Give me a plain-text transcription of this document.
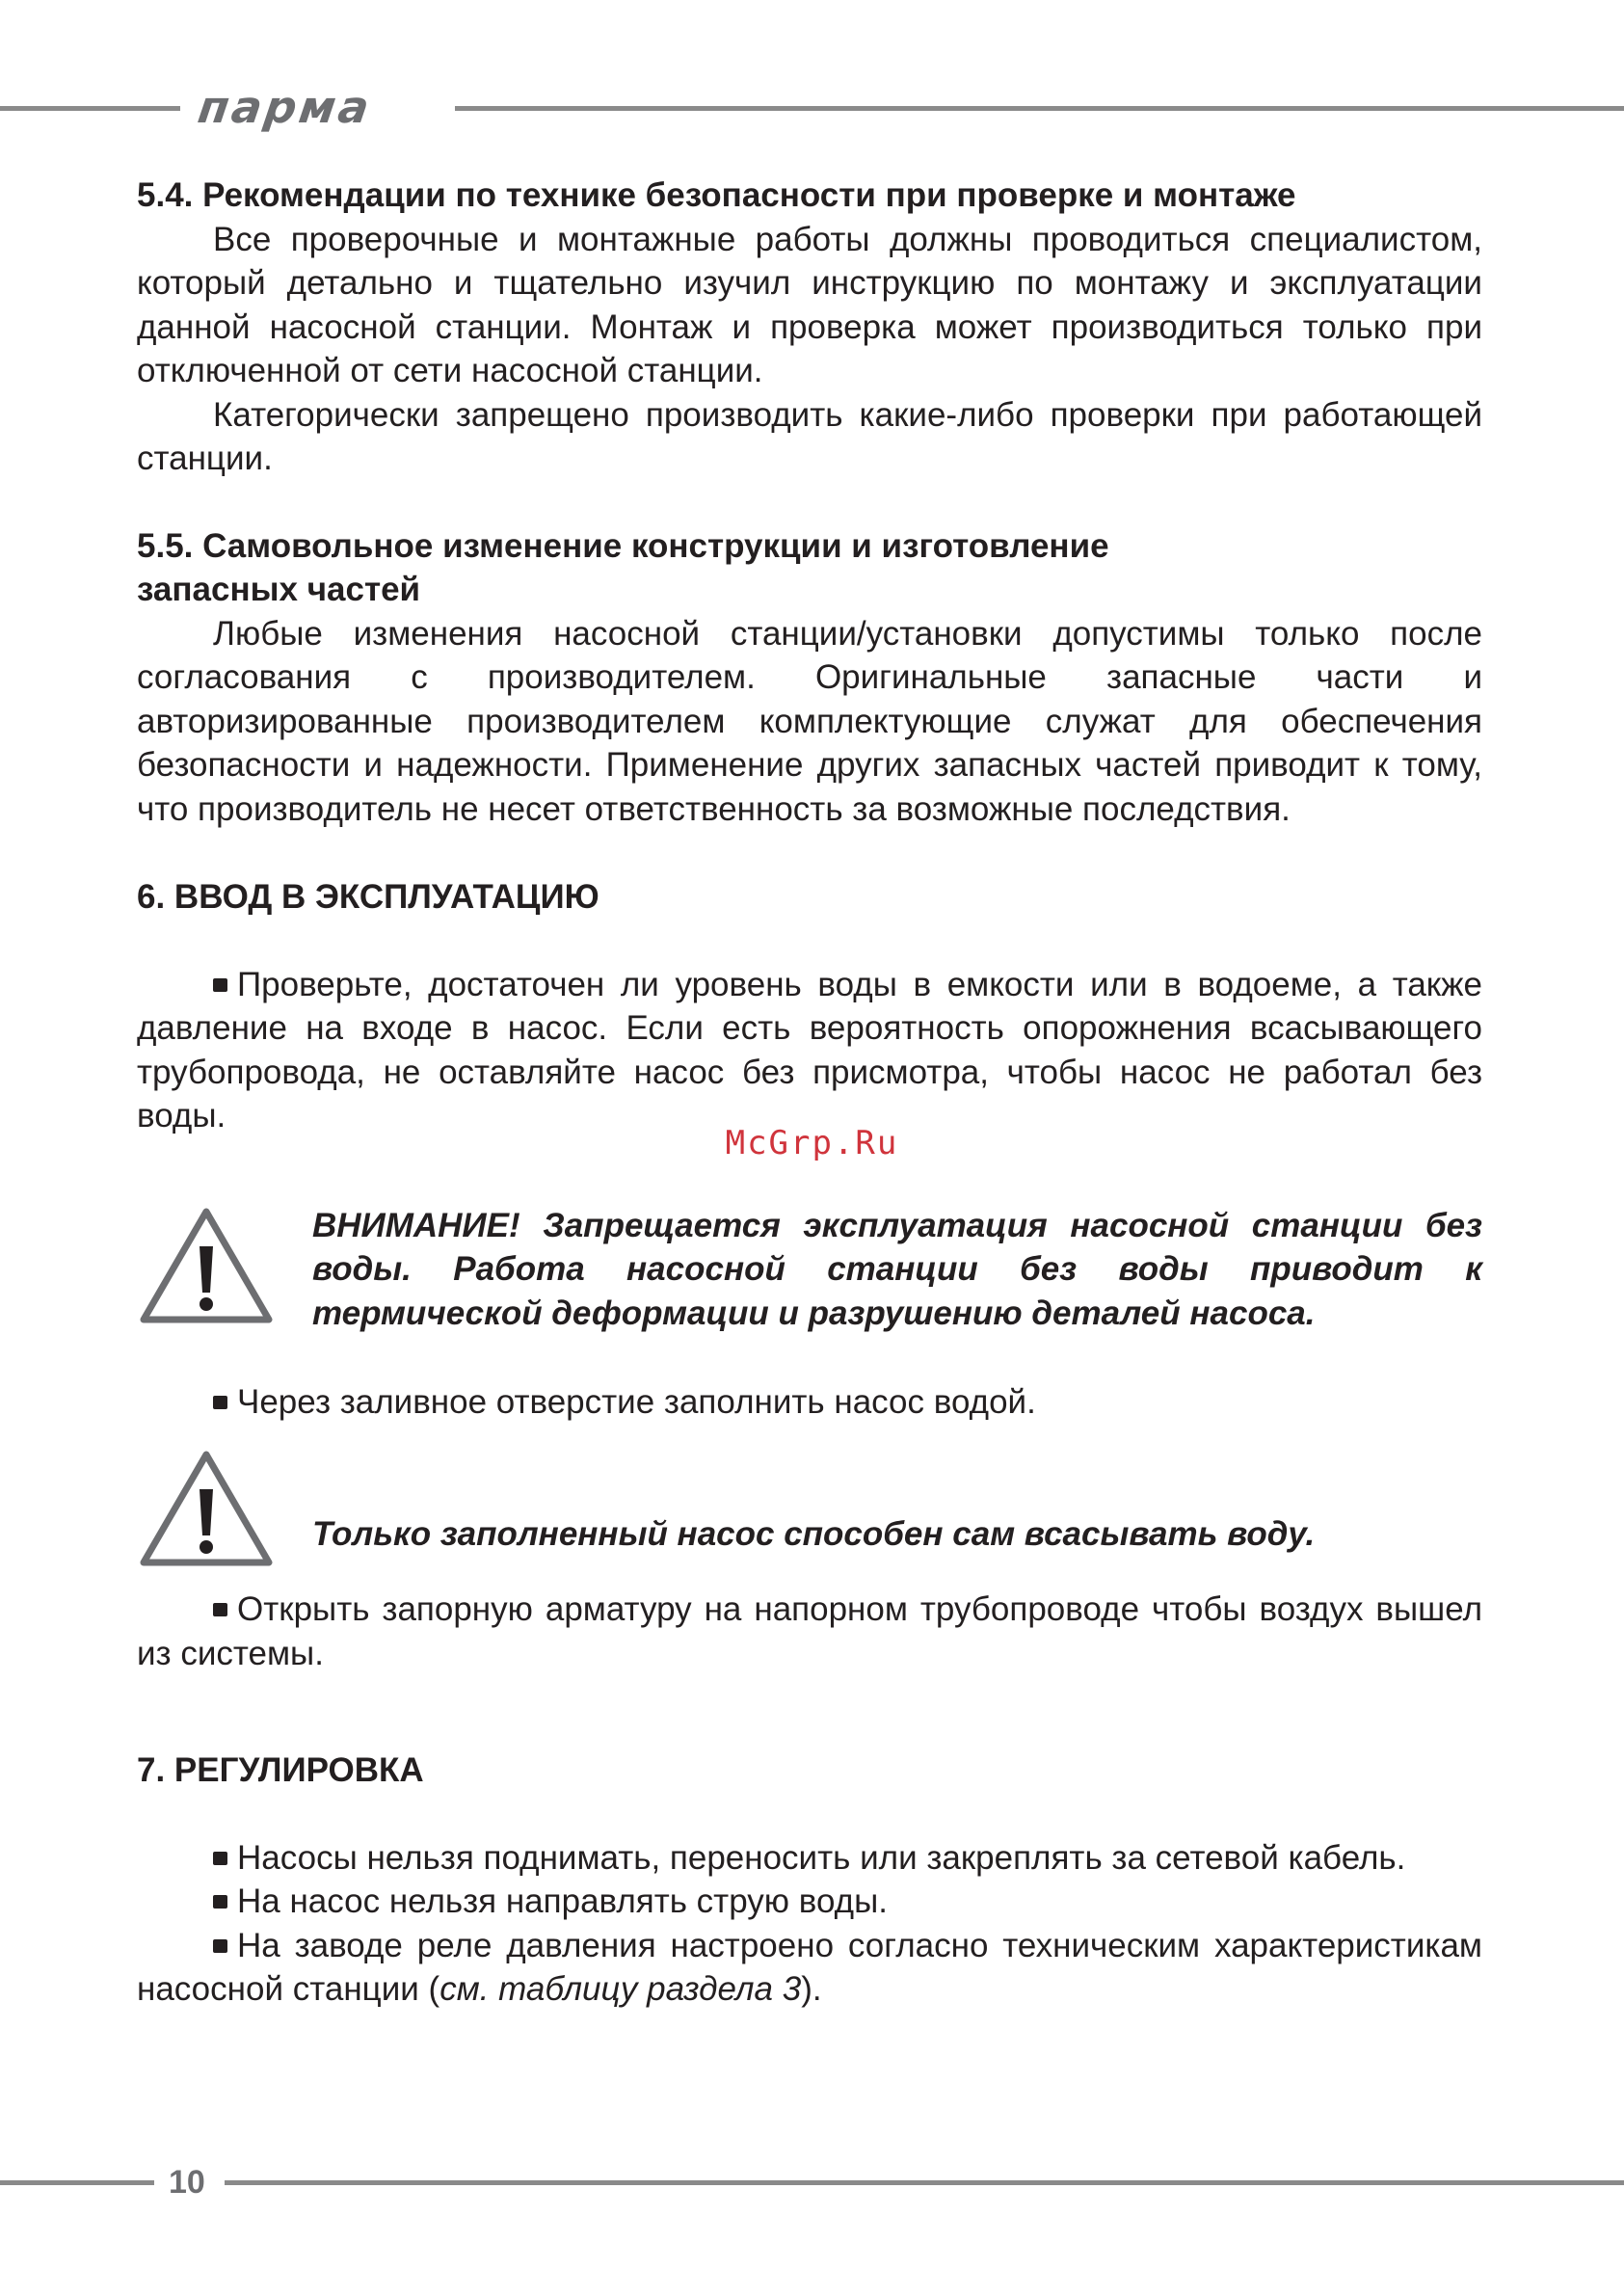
парма
5.4. Рекомендации по технике безопасности при проверке и монтаже

Все проверочные и монтажные работы должны проводиться специалистом, который детально и тщательно изучил инструкцию по монтажу и эксплуатации данной насосной станции. Монтаж и проверка может производиться только при отключенной от сети насосной станции.

Категорически запрещено производить какие-либо проверки при работающей станции.

5.5. Самовольное изменение конструкции и изготовление
запасных частей

Любые изменения насосной станции/установки допустимы только после согласования с производителем. Оригинальные запасные части и авторизированные производителем комплектующие служат для обеспечения безопасности и надежности. Применение других запасных частей приводит к тому, что производитель не несет ответственность за возможные последствия.

6. ВВОД В ЭКСПЛУАТАЦИЮ

Проверьте, достаточен ли уровень воды в емкости или в водоеме, а также давление на входе в насос. Если есть вероятность опорожнения всасывающего трубопровода, не оставляйте насос без присмотра, чтобы насос не работал без воды.

ВНИМАНИЕ! Запрещается эксплуатация насосной станции без воды. Работа насосной станции без воды приводит к термической деформации и разрушению деталей насоса.

Через заливное отверстие заполнить насос водой.

Только заполненный насос способен сам всасывать воду.

Открыть запорную арматуру на напорном трубопроводе чтобы воздух вышел из системы.

7. РЕГУЛИРОВКА

Насосы нельзя поднимать, переносить или закреплять за сетевой кабель.

На насос нельзя направлять струю воды.

На заводе реле давления настроено согласно техническим характеристикам насосной станции (см. таблицу раздела 3).

McGrp.Ru
10
